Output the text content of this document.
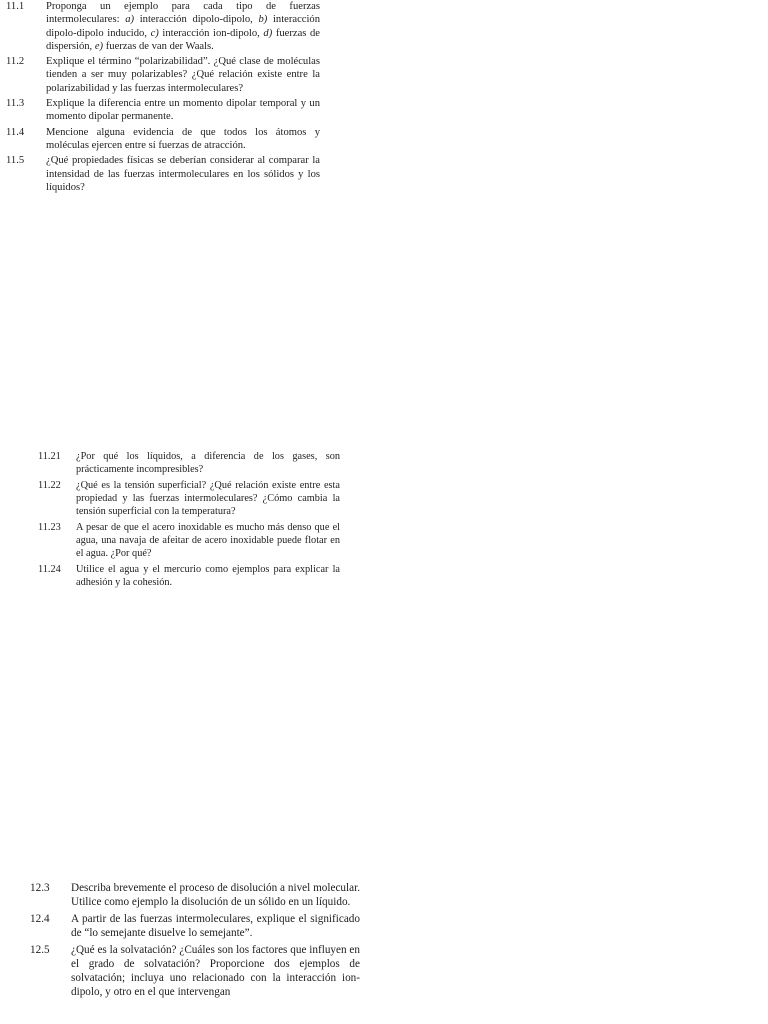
11.1	Proponga un ejemplo para cada tipo de fuerzas intermoleculares: a) interacción dipolo-dipolo, b) interacción dipolo-dipolo inducido, c) interacción ion-dipolo, d) fuerzas de dispersión, e) fuerzas de van der Waals.
11.2	Explique el término “polarizabilidad”. ¿Qué clase de moléculas tienden a ser muy polarizables? ¿Qué relación existe entre la polarizabilidad y las fuerzas intermoleculares?
11.3	Explique la diferencia entre un momento dipolar temporal y un momento dipolar permanente.
11.4	Mencione alguna evidencia de que todos los átomos y moléculas ejercen entre sí fuerzas de atracción.
11.5	¿Qué propiedades físicas se deberían considerar al comparar la intensidad de las fuerzas intermoleculares en los sólidos y los líquidos?
11.21	¿Por qué los líquidos, a diferencia de los gases, son prácticamente incompresibles?
11.22	¿Qué es la tensión superficial? ¿Qué relación existe entre esta propiedad y las fuerzas intermoleculares? ¿Cómo cambia la tensión superficial con la temperatura?
11.23	A pesar de que el acero inoxidable es mucho más denso que el agua, una navaja de afeitar de acero inoxidable puede flotar en el agua. ¿Por qué?
11.24	Utilice el agua y el mercurio como ejemplos para explicar la adhesión y la cohesión.
12.3	Describa brevemente el proceso de disolución a nivel molecular. Utilice como ejemplo la disolución de un sólido en un líquido.
12.4	A partir de las fuerzas intermoleculares, explique el significado de “lo semejante disuelve lo semejante”.
12.5	¿Qué es la solvatación? ¿Cuáles son los factores que influyen en el grado de solvatación? Proporcione dos ejemplos de solvatación; incluya uno relacionado con la interacción ion-dipolo, y otro en el que intervengan
